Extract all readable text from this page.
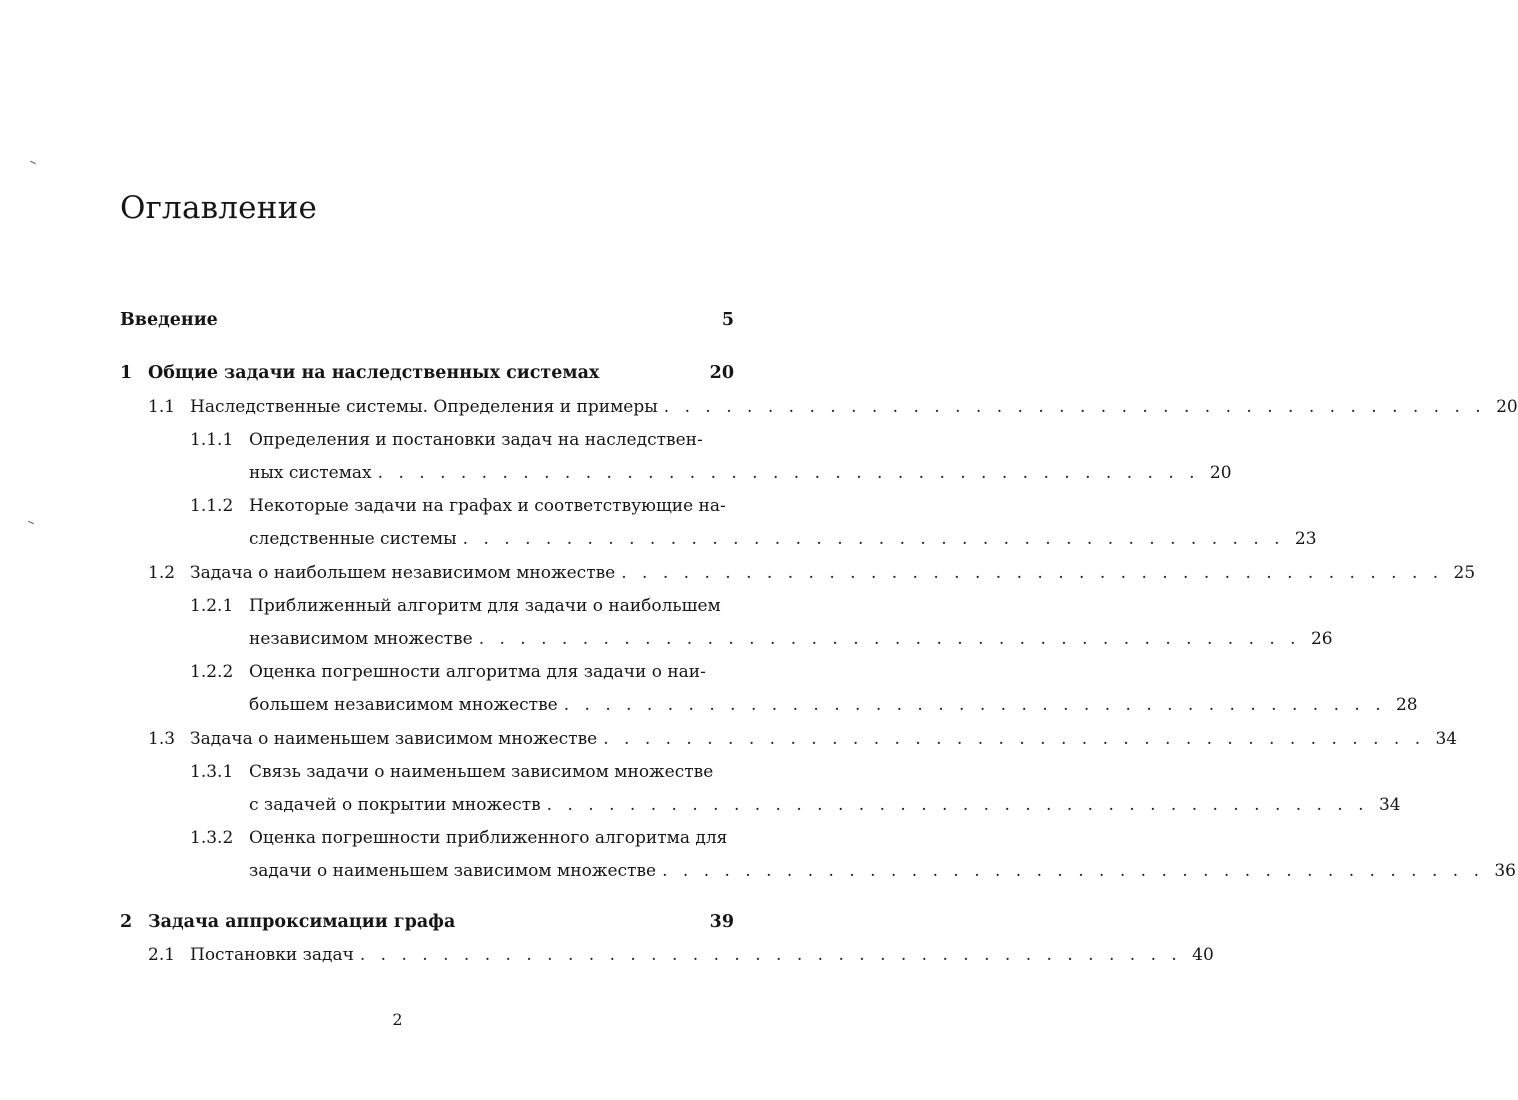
Оглавление
Введение	5
1 Общие задачи на наследственных системах	20
1.1 Наследственные системы. Определения и примеры . . . . . . . . . . . . . . . . . . . . . . . . . . . . . . . . . . . . . . . . 20
1.1.1 Определения и постановки задач на наследствен-
ных системах . . . . . . . . . . . . . . . . . . . . . . . . . . . . . . . . . . . . . . . . 20
1.1.2 Некоторые задачи на графах и соответствующие на-
следственные системы . . . . . . . . . . . . . . . . . . . . . . . . . . . . . . . . . . . . . . . . 23
1.2 Задача о наибольшем независимом множестве . . . . . . . . . . . . . . . . . . . . . . . . . . . . . . . . . . . . . . . . 25
1.2.1 Приближенный алгоритм для задачи о наибольшем
независимом множестве . . . . . . . . . . . . . . . . . . . . . . . . . . . . . . . . . . . . . . . . 26
1.2.2 Оценка погрешности алгоритма для задачи о наи-
большем независимом множестве . . . . . . . . . . . . . . . . . . . . . . . . . . . . . . . . . . . . . . . . 28
1.3 Задача о наименьшем зависимом множестве . . . . . . . . . . . . . . . . . . . . . . . . . . . . . . . . . . . . . . . . 34
1.3.1 Связь задачи о наименьшем зависимом множестве
с задачей о покрытии множеств . . . . . . . . . . . . . . . . . . . . . . . . . . . . . . . . . . . . . . . . 34
1.3.2 Оценка погрешности приближенного алгоритма для
задачи о наименьшем зависимом множестве . . . . . . . . . . . . . . . . . . . . . . . . . . . . . . . . . . . . . . . . 36
2 Задача аппроксимации графа	39
2.1 Постановки задач . . . . . . . . . . . . . . . . . . . . . . . . . . . . . . . . . . . . . . . . 40
2
